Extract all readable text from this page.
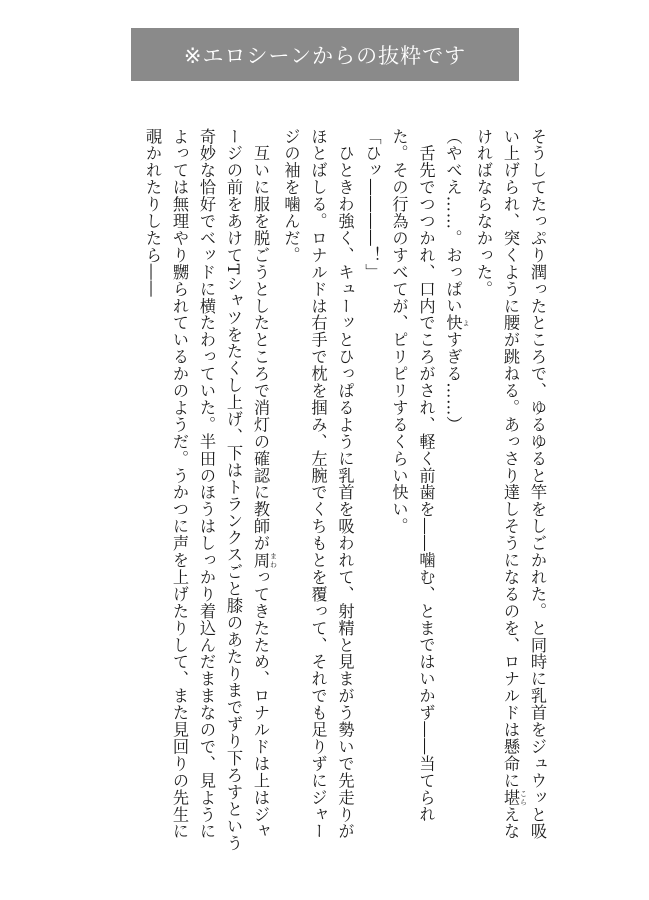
※エロシーンからの抜粋です

そうしてたっぷり潤ったところで、ゆるゆると竿をしごかれた。と同時に乳首をジュウッと吸い上げられ、突くように腰が跳ねる。あっさり達しそうになるのを、ロナルドは懸命に堪 こらえなければならなかった。

（やべえ……。おっぱい快 よすぎる……）

　舌先でつつかれ、口内でころがされ、軽く前歯を――噛む、とまではいかず――当てられた。その行為のすべてが、ピリピリするくらい快い。

「ひッ――――！」

　ひときわ強く、キューッとひっぱるように乳首を吸われて、射精と見まがう勢いで先走りがほとばしる。ロナルドは右手で枕を掴み、左腕でくちもとを覆って、それでも足りずにジャージの袖を噛んだ。

　互いに服を脱ごうとしたところで消灯の確認に教師が周 まわってきたため、ロナルドは上はジャージの前をあけてTシャツをたくし上げ、下はトランクスごと膝のあたりまでずり下ろすという奇妙な恰好でベッドに横たわっていた。半田のほうはしっかり着込んだままなので、見ようによっては無理やり嬲られているかのようだ。うかつに声を上げたりして、また見回りの先生に覗かれたりしたら――
